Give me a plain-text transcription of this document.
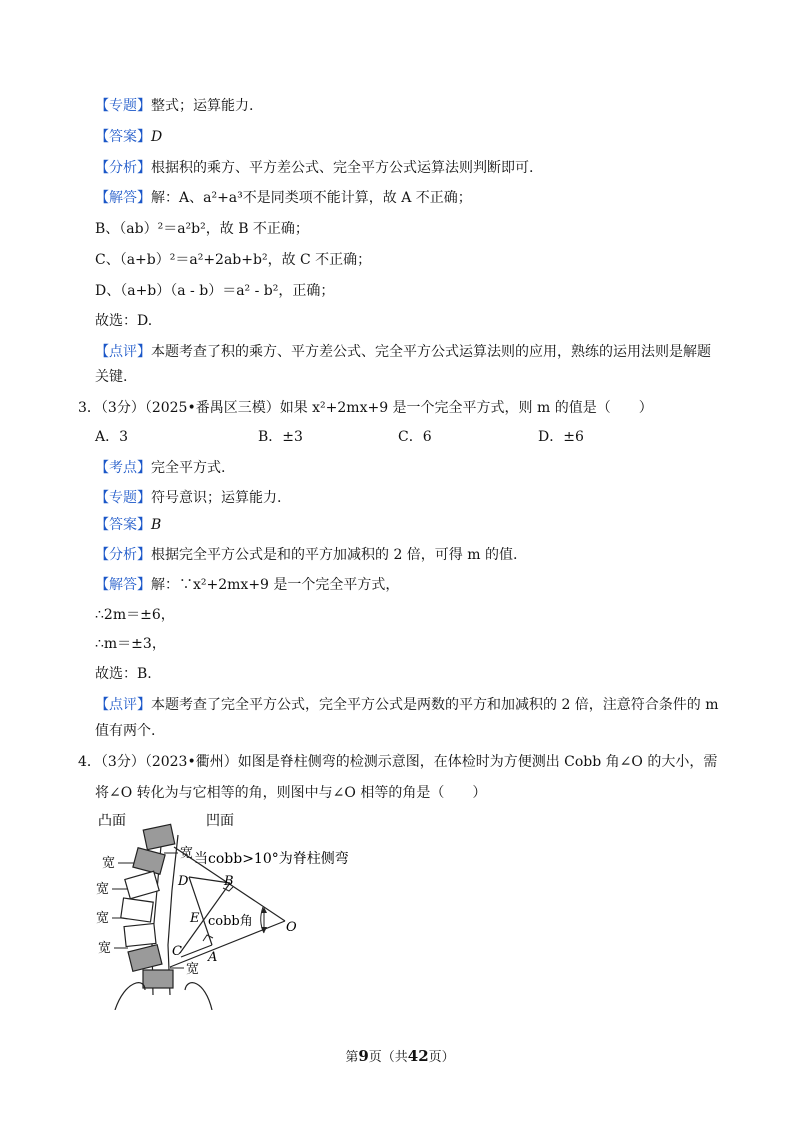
【专题】整式；运算能力.
【答案】D
【分析】根据积的乘方、平方差公式、完全平方公式运算法则判断即可.
【解答】解：A、a²+a³不是同类项不能计算，故 A 不正确；
B、（ab）²＝a²b²，故 B 不正确；
C、（a+b）²＝a²+2ab+b²，故 C 不正确；
D、（a+b）（a - b）＝a² - b²，正确；
故选：D.
【点评】本题考查了积的乘方、平方差公式、完全平方公式运算法则的应用，熟练的运用法则是解题
关键.
3．（3分）（2025•番禺区三模）如果 x²+2mx+9 是一个完全平方式，则 m 的值是（　　）
A．3	B．±3	C．6	D．±6
【考点】完全平方式.
【专题】符号意识；运算能力.
【答案】B
【分析】根据完全平方公式是和的平方加减积的 2 倍，可得 m 的值.
【解答】解：∵x²+2mx+9 是一个完全平方式，
∴2m＝±6，
∴m＝±3，
故选：B.
【点评】本题考查了完全平方公式，完全平方公式是两数的平方和加减积的 2 倍，注意符合条件的 m
值有两个.
4．（3分）（2023•衢州）如图是脊柱侧弯的检测示意图，在体检时为方便测出 Cobb 角∠O 的大小，需
将∠O 转化为与它相等的角，则图中与∠O 相等的角是（　　）
凸面	凹面
宽
宽
宽
宽
宽
宽
当cobb>10°为脊柱侧弯
D	B
E cobb角	O
C A
第9页（共42页）
